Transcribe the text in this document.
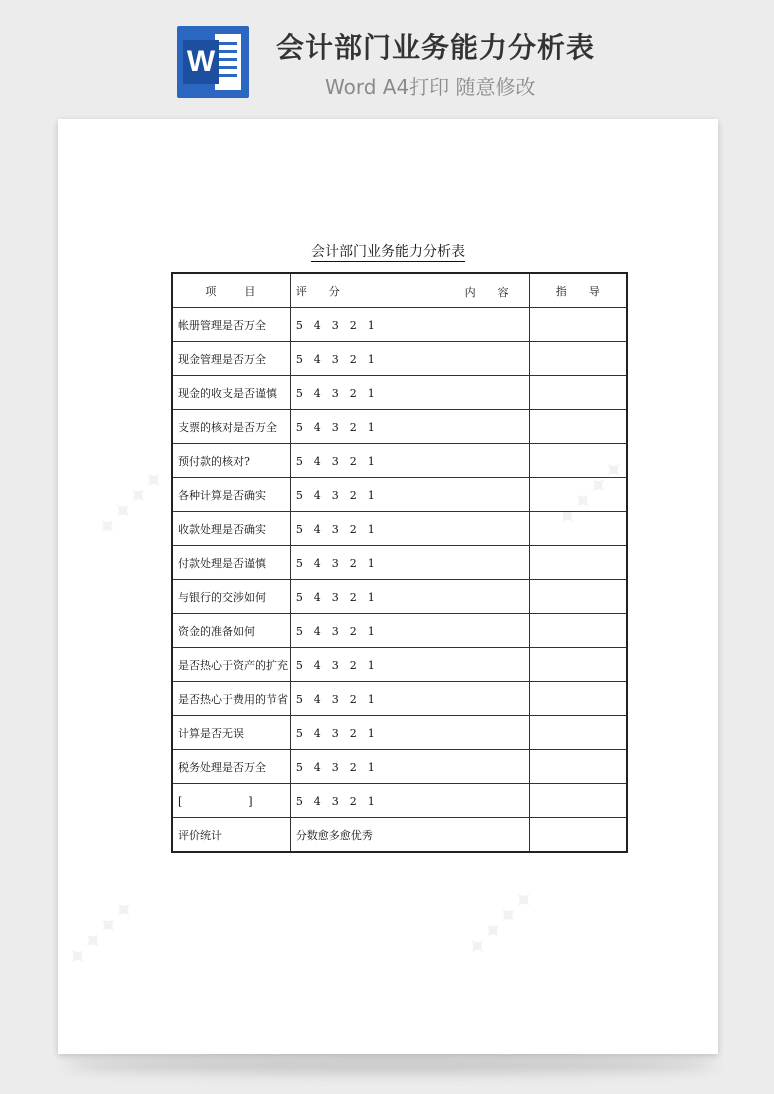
W 会计部门业务能力分析表
Word A4打印 随意修改
✦✦✦✦	✦✦✦✦
✦✦✦✦	✦✦✦✦
会计部门业务能力分析表
项　　目	评　　分 内　　容	指　　导
帐册管理是否万全	5　4　3　2　1	
现金管理是否万全	5　4　3　2　1	
现金的收支是否谨慎	5　4　3　2　1	
支票的核对是否万全	5　4　3　2　1	
预付款的核对?	5　4　3　2　1	
各种计算是否确实	5　4　3　2　1	
收款处理是否确实	5　4　3　2　1	
付款处理是否谨慎	5　4　3　2　1	
与银行的交涉如何	5　4　3　2　1	
资金的准备如何	5　4　3　2　1	
是否热心于资产的扩充	5　4　3　2　1	
是否热心于费用的节省	5　4　3　2　1	
计算是否无误	5　4　3　2　1	
税务处理是否万全	5　4　3　2　1	
[　　　　　　]	5　4　3　2　1	
评价统计	分数愈多愈优秀	
